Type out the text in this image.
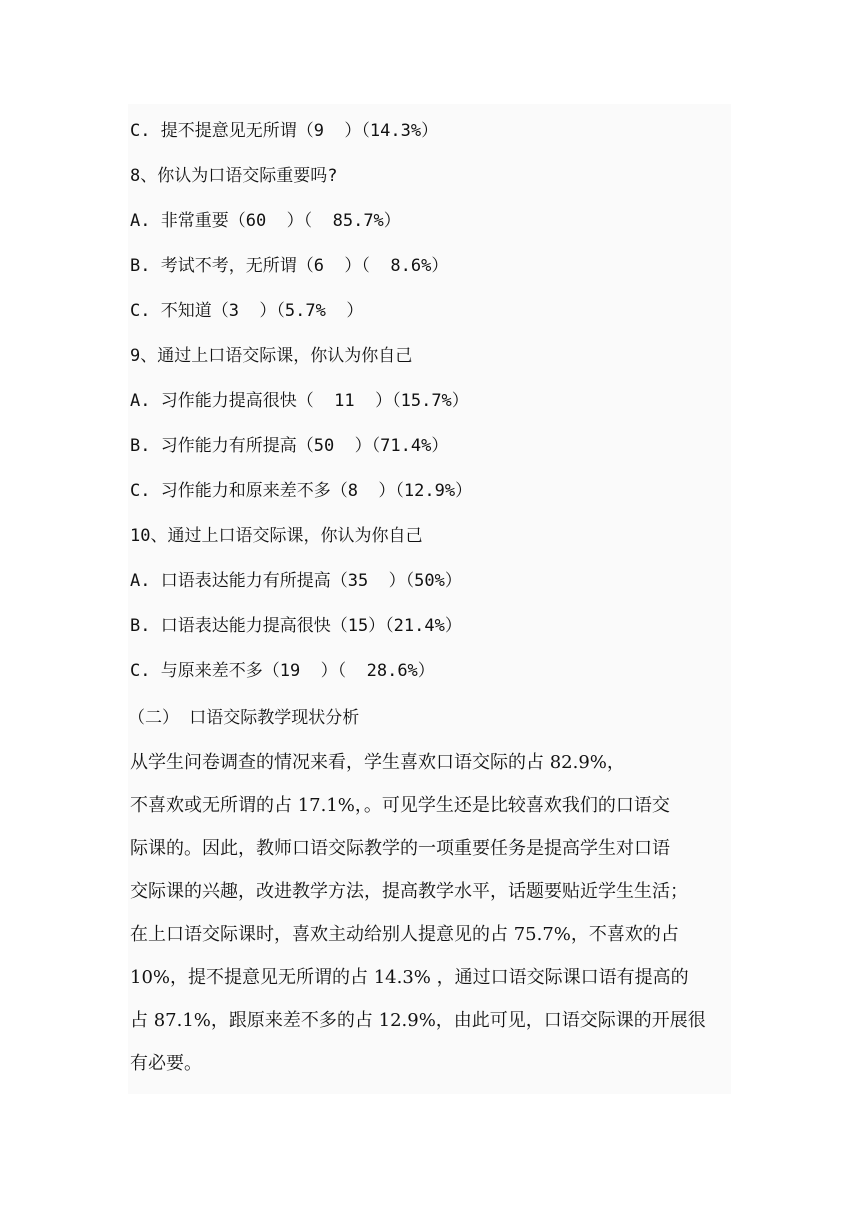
C. 提不提意见无所谓（9  ）（14.3%）
8、你认为口语交际重要吗?
A. 非常重要（60  ）（  85.7%）
B. 考试不考，无所谓（6  ）（  8.6%）
C. 不知道（3  ）（5.7%  ）
9、通过上口语交际课，你认为你自己
A. 习作能力提高很快（  11  ）（15.7%）
B. 习作能力有所提高（50  ）（71.4%）
C. 习作能力和原来差不多（8  ）（12.9%）
10、通过上口语交际课，你认为你自己
A. 口语表达能力有所提高（35  ）（50%）
B. 口语表达能力提高很快（15）（21.4%）
C. 与原来差不多（19  ）（  28.6%）
（二） 口语交际教学现状分析
从学生问卷调查的情况来看，学生喜欢口语交际的占 82.9%，
不喜欢或无所谓的占 17.1%，。可见学生还是比较喜欢我们的口语交
际课的。因此，教师口语交际教学的一项重要任务是提高学生对口语
交际课的兴趣，改进教学方法，提高教学水平，话题要贴近学生生活；
在上口语交际课时，喜欢主动给别人提意见的占 75.7%，不喜欢的占
10%，提不提意见无所谓的占 14.3% ，通过口语交际课口语有提高的
占 87.1%，跟原来差不多的占 12.9%，由此可见，口语交际课的开展很
有必要。
